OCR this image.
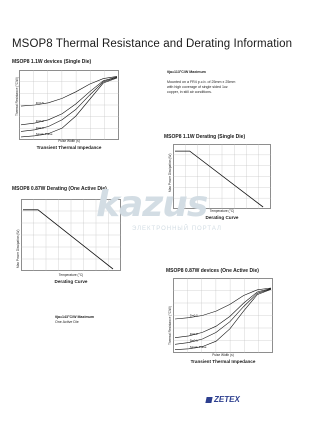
MSOP8 Thermal Resistance and Derating Information
MSOP8 1.1W devices (Single Die)
Thermal Resistance (°C/W)	D=0.5
D=0.2
D=0.1
Single Pulse
Pulse Width (s)
Transient Thermal Impedance
θja=113°C/W Maximum

Mounted on a FR4 p.c.b. of 25mm x 25mm with high coverage of single sided 1oz copper, in still air conditions.
MSOP8 1.1W Derating (Single Die)
Max Power Dissipation (W)
Temperature (°C)
Derating Curve
MSOP8 0.87W Derating (One Active Die)
Max Power Dissipation (W)
Temperature (°C)
Derating Curve
MSOP8 0.87W devices (One Active Die)
Thermal Resistance (°C/W)	D=0.5
D=0.2
D=0.1
Single Pulse
Pulse Width (s)
Transient Thermal Impedance
θja=143°C/W Maximum
One Active Die
kazus
ЭЛЕКТРОННЫЙ ПОРТАЛ
ZETEX
